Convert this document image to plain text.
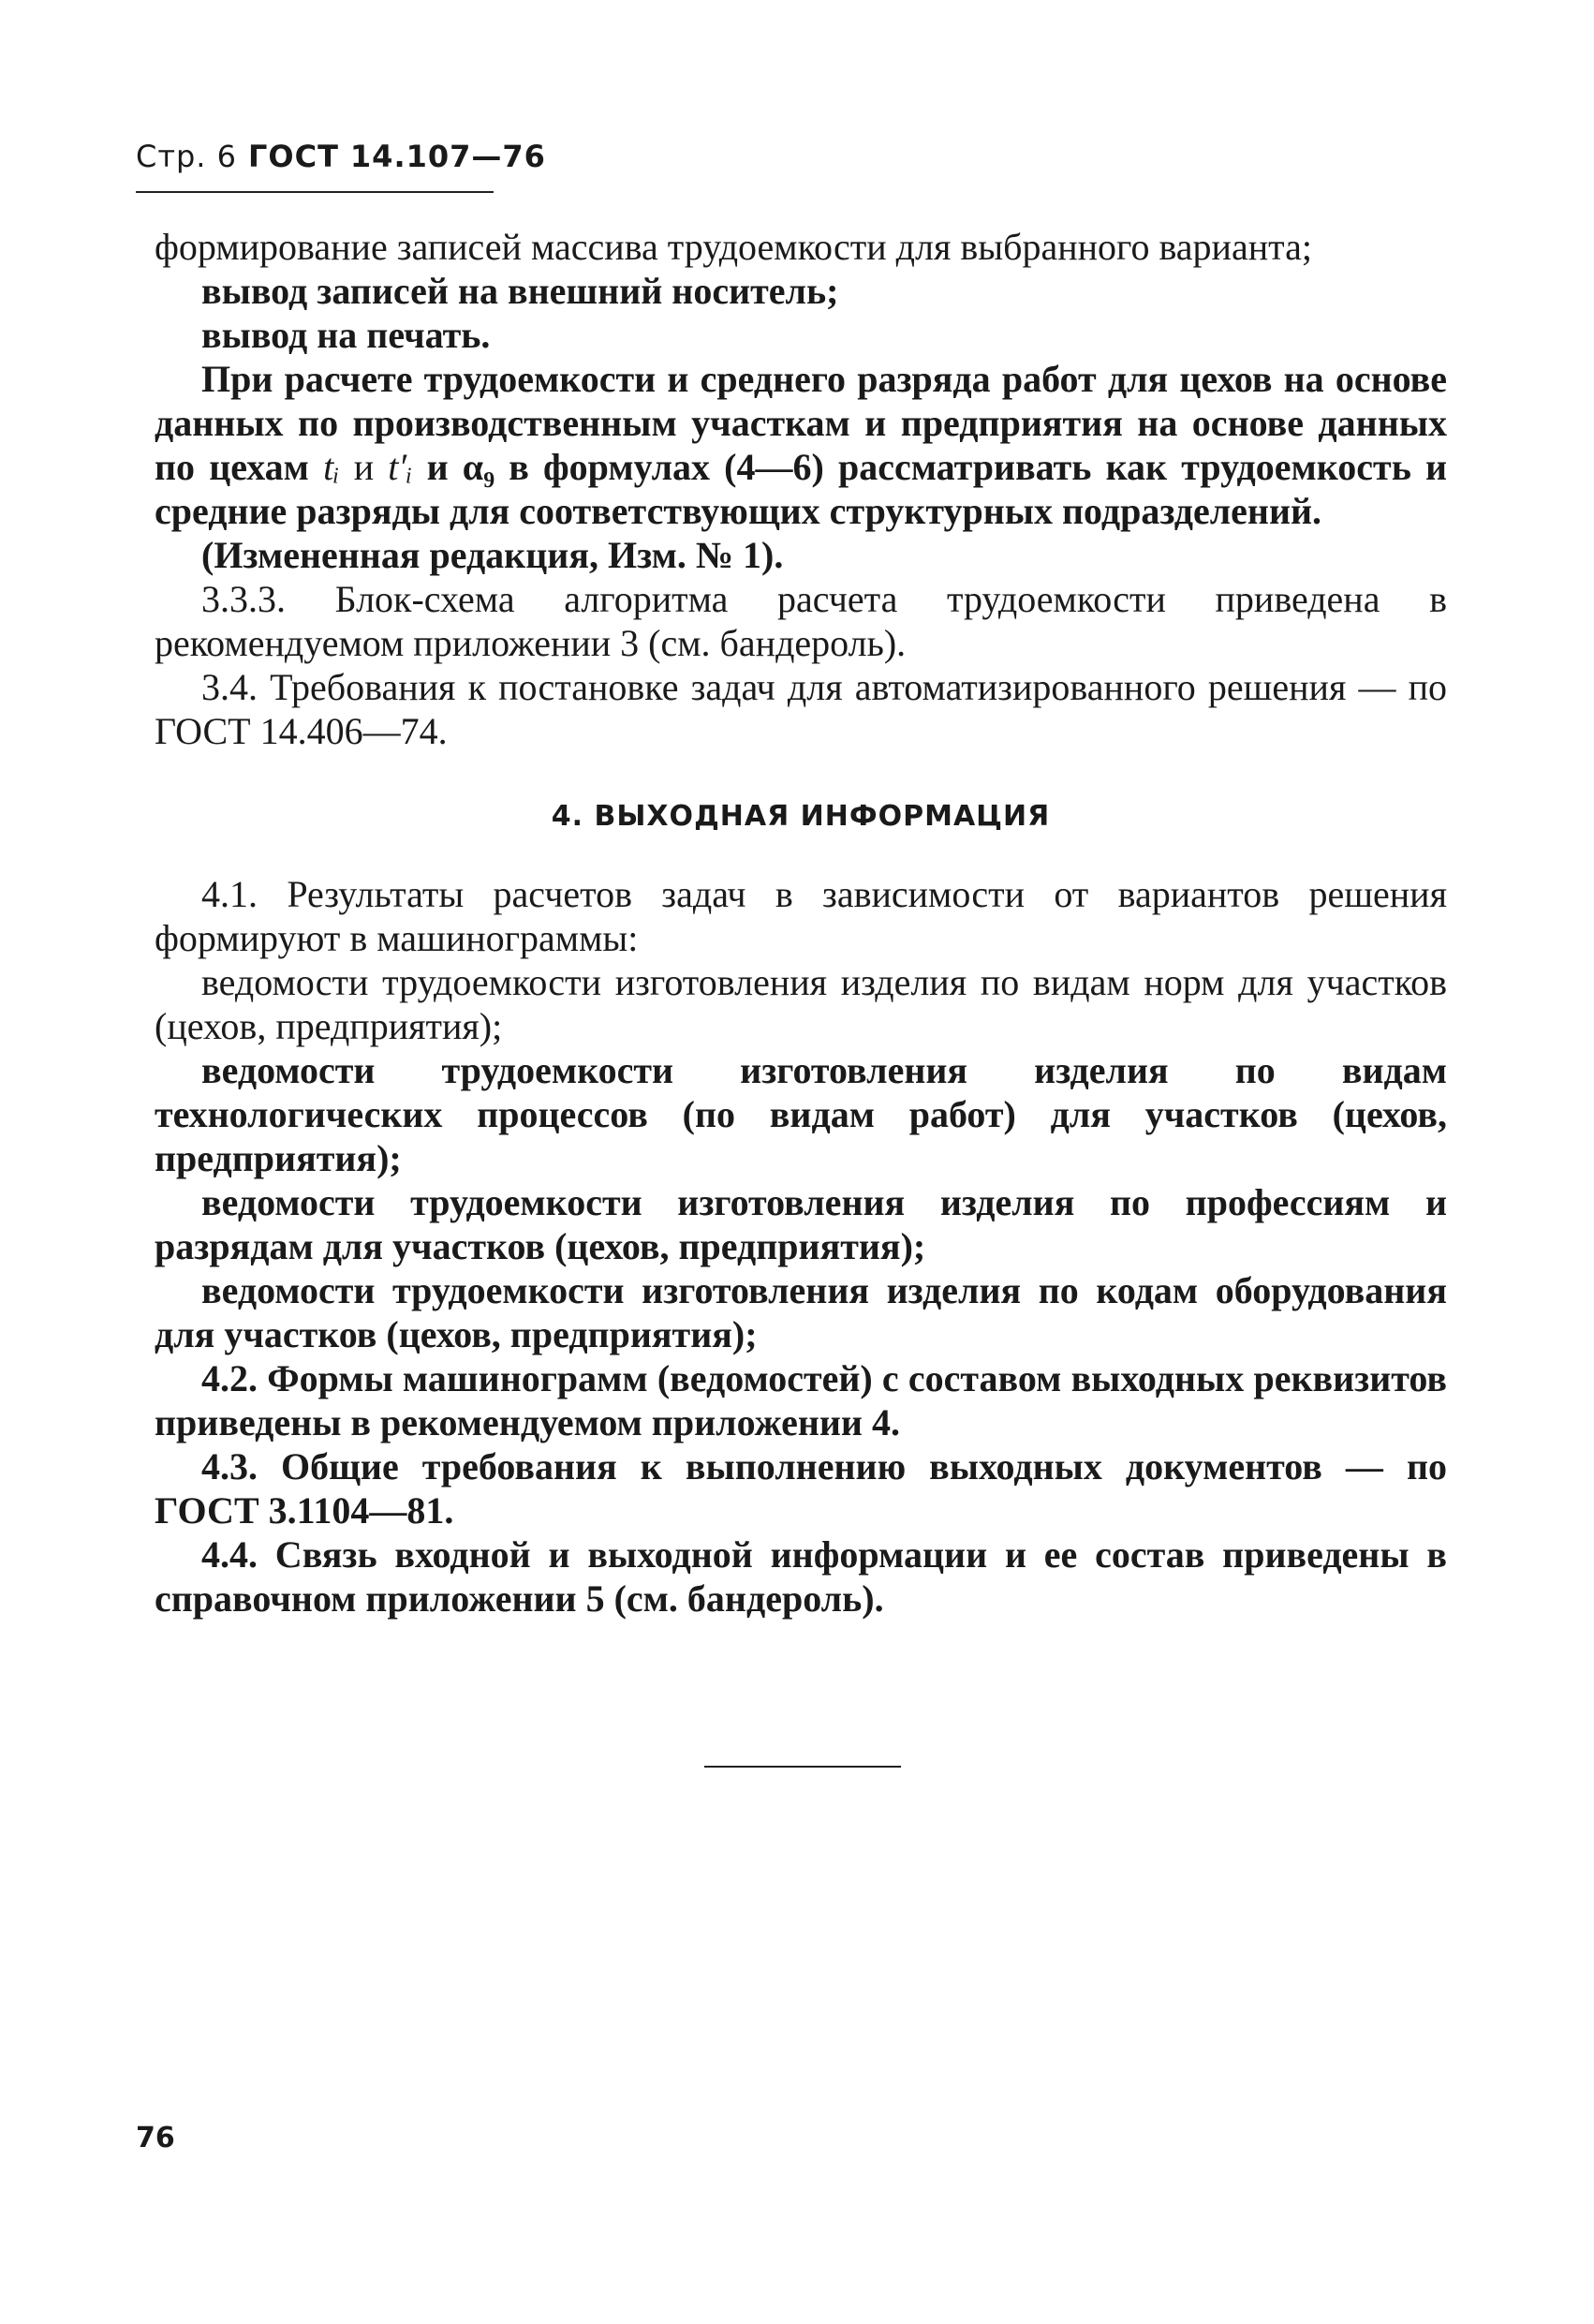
Стр. 6 ГОСТ 14.107—76

формирование записей массива трудоемкости для выбранного варианта;

вывод записей на внешний носитель;

вывод на печать.

При расчете трудоемкости и среднего разряда работ для цехов на основе данных по производственным участкам и предприятия на основе данных по цехам tᵢ и t′ᵢ и α₉ в формулах (4—6) рассматривать как трудоемкость и средние разряды для соответствующих структурных подразделений.

(Измененная редакция, Изм. № 1).

3.3.3. Блок-схема алгоритма расчета трудоемкости приведена в рекомендуемом приложении 3 (см. бандероль).

3.4. Требования к постановке задач для автоматизированного решения — по ГОСТ 14.406—74.

4. ВЫХОДНАЯ ИНФОРМАЦИЯ

4.1. Результаты расчетов задач в зависимости от вариантов решения формируют в машинограммы:

ведомости трудоемкости изготовления изделия по видам норм для участков (цехов, предприятия);

ведомости трудоемкости изготовления изделия по видам технологических процессов (по видам работ) для участков (цехов, предприятия);

ведомости трудоемкости изготовления изделия по профессиям и разрядам для участков (цехов, предприятия);

ведомости трудоемкости изготовления изделия по кодам оборудования для участков (цехов, предприятия);

4.2. Формы машинограмм (ведомостей) с составом выходных реквизитов приведены в рекомендуемом приложении 4.

4.3. Общие требования к выполнению выходных документов — по ГОСТ 3.1104—81.

4.4. Связь входной и выходной информации и ее состав приведены в справочном приложении 5 (см. бандероль).

76
